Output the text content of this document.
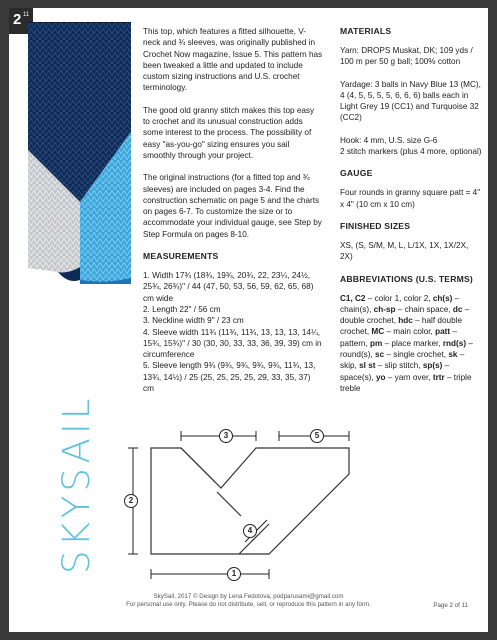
2 11
SKYSAIL

This top, which features a fitted silhouette, V-neck and ¾ sleeves, was originally published in Crochet Now magazine, Issue 5. This pattern has been tweaked a little and updated to include custom sizing instructions and U.S. crochet terminology.

The good old granny stitch makes this top easy to crochet and its unusual construction adds some interest to the process. The possibility of easy "as-you-go" sizing ensures you sail smoothly through your project.

The original instructions (for a fitted top and ¾ sleeves) are included on pages 3-4. Find the construction schematic on page 5 and the charts on pages 6-7. To customize the size or to accommodate your individual gauge, see Step by Step Formula on pages 8-10.

MEASUREMENTS
1. Width 17¾ (18¾, 19¾, 20¾, 22, 23¼, 24½, 25¾, 26¾)" / 44 (47, 50, 53, 56, 59, 62, 65, 68) cm wide
2. Length 22" / 56 cm
3. Neckline width 9" / 23 cm
4. Sleeve width 11¾ (11¾, 11¾, 13, 13, 13, 14¼, 15¾, 15¾)" / 30 (30, 30, 33, 33, 36, 39, 39) cm in circumference
5. Sleeve length 9¾ (9¾, 9¾, 9¾, 9¾, 11¾, 13, 13¾, 14½) / 25 (25, 25, 25, 25, 29, 33, 35, 37) cm
MATERIALS

Yarn: DROPS Muskat, DK; 109 yds / 100 m per 50 g ball; 100% cotton

Yardage: 3 balls in Navy Blue 13 (MC), 4 (4, 5, 5, 5, 5, 6, 6, 6) balls each in Light Grey 19 (CC1) and Turquoise 32 (CC2)

Hook: 4 mm, U.S. size G-6

2 stitch markers (plus 4 more, optional)

GAUGE

Four rounds in granny square patt = 4" x 4" (10 cm x 10 cm)

FINISHED SIZES

XS, (S, S/M, M, L, L/1X, 1X, 1X/2X, 2X)

ABBREVIATIONS (U.S. TERMS)

C1, C2 – color 1, color 2, ch(s) – chain(s), ch-sp – chain space, dc – double crochet, hdc – half double crochet, MC – main color, patt – pattern, pm – place marker, rnd(s) – round(s), sc – single crochet, sk – skip, sl st – slip stitch, sp(s) – space(s), yo – yarn over, trtr – triple treble

1
2
3
4
5
SkySail, 2017 © Design by Lena Fedotova, podparusami@gmail.com
For personal use only. Please do not distribute, sell, or reproduce this pattern in any form.	Page 2 of 11
